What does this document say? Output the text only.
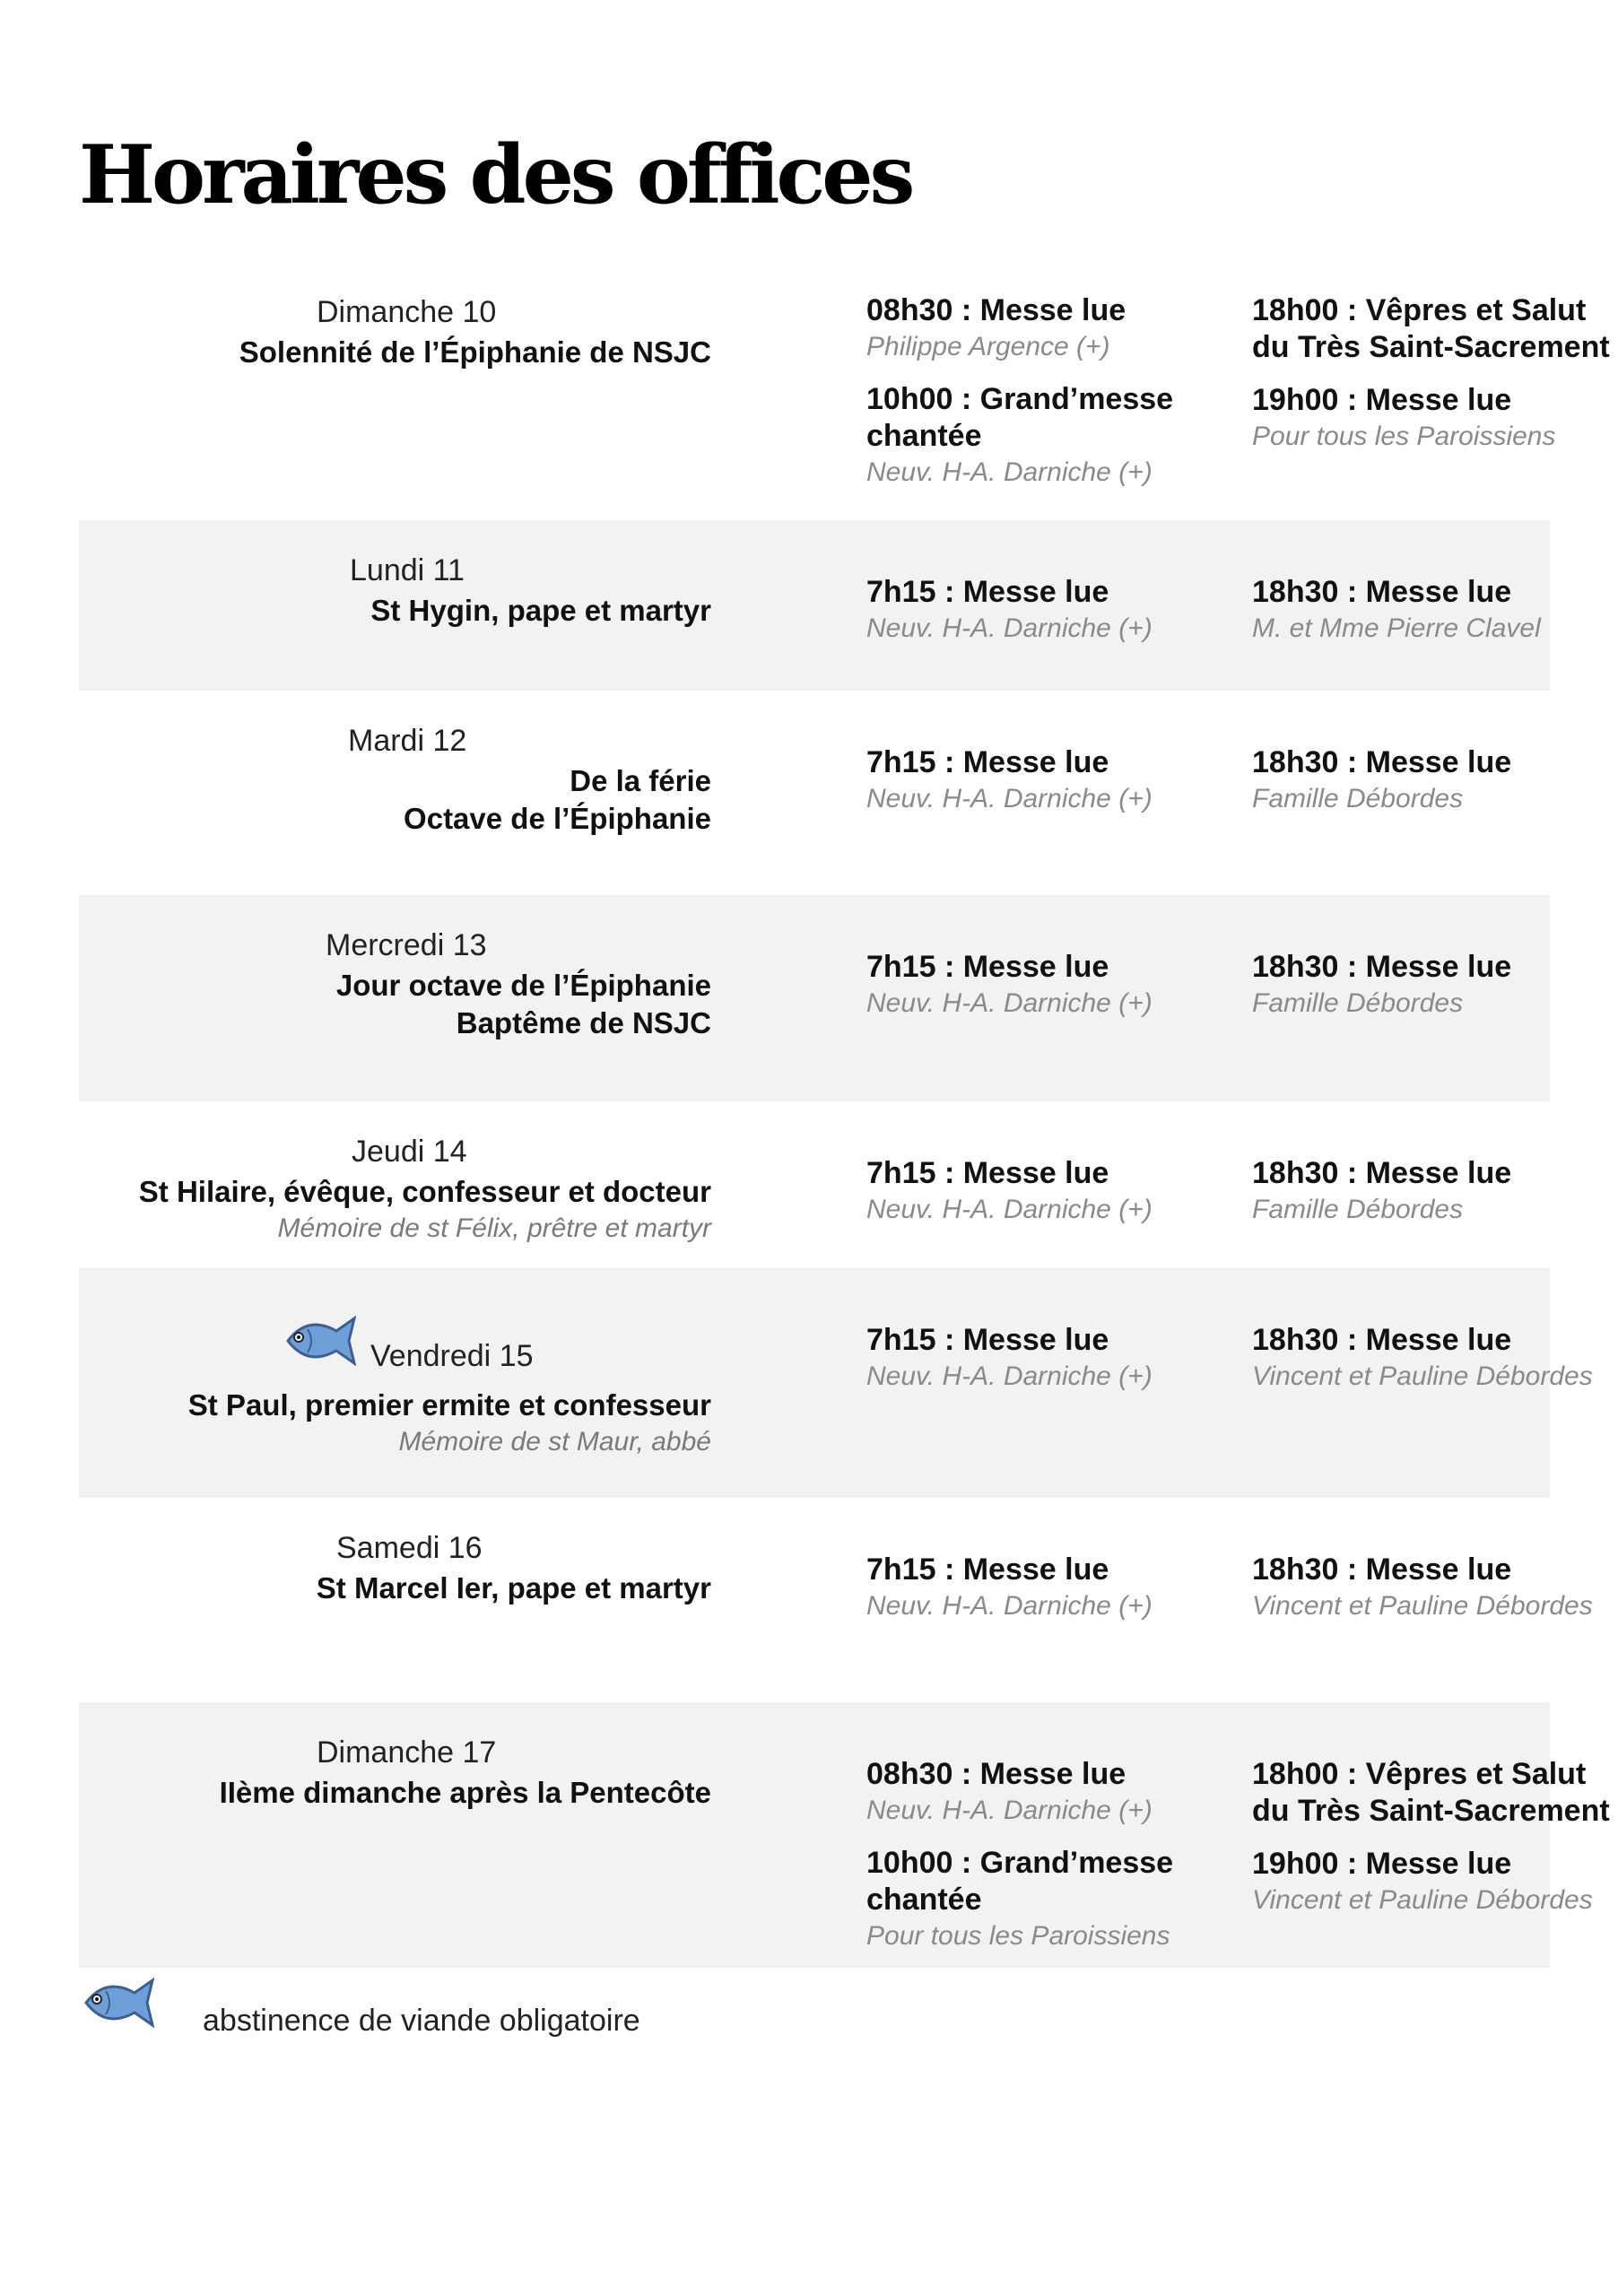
Horaires des offices
Dimanche 10
Solennité de l’Épiphanie de NSJC
08h30 : Messe lue
Philippe Argence (+)
10h00 : Grand’messe chantée
Neuv. H-A. Darniche (+)
18h00 : Vêpres et Salut du Très Saint-Sacrement
19h00 : Messe lue
Pour tous les Paroissiens
Lundi 11
St Hygin, pape et martyr
7h15 : Messe lue
Neuv. H-A. Darniche (+)
18h30 : Messe lue
M. et Mme Pierre Clavel
Mardi 12
De la férie
Octave de l’Épiphanie
7h15 : Messe lue
Neuv. H-A. Darniche (+)
18h30 : Messe lue
Famille Débordes
Mercredi 13
Jour octave de l’Épiphanie
Baptême de NSJC
7h15 : Messe lue
Neuv. H-A. Darniche (+)
18h30 : Messe lue
Famille Débordes
Jeudi 14
St Hilaire, évêque, confesseur et docteur
Mémoire de st Félix, prêtre et martyr
7h15 : Messe lue
Neuv. H-A. Darniche (+)
18h30 : Messe lue
Famille Débordes
Vendredi 15
St Paul, premier ermite et confesseur
Mémoire de st Maur, abbé
7h15 : Messe lue
Neuv. H-A. Darniche (+)
18h30 : Messe lue
Vincent et Pauline Débordes
Samedi 16
St Marcel Ier, pape et martyr
7h15 : Messe lue
Neuv. H-A. Darniche (+)
18h30 : Messe lue
Vincent et Pauline Débordes
Dimanche 17
IIème dimanche après la Pentecôte
08h30 : Messe lue
Neuv. H-A. Darniche (+)
10h00 : Grand’messe chantée
Pour tous les Paroissiens
18h00 : Vêpres et Salut du Très Saint-Sacrement
19h00 : Messe lue
Vincent et Pauline Débordes
abstinence de viande obligatoire
